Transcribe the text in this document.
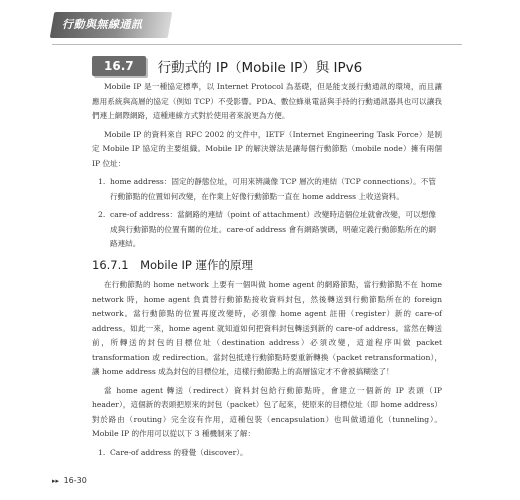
行動與無線通訊
16.7	行動式的 IP（Mobile IP）與 IPv6

Mobile IP 是一種協定標準，以 Internet Protocol 為基礎，但是能支援行動通訊的環境，而且讓應用系統與高層的協定（例如 TCP）不受影響。PDA、數位蜂巢電話與手持的行動通訊器具也可以讓我們連上網際網路，這種連線方式對於使用者來說更為方便。

Mobile IP 的資料來自 RFC 2002 的文件中，IETF（Internet Engineering Task Force）是制定 Mobile IP 協定的主要組織。Mobile IP 的解決辦法是讓每個行動節點（mobile node）擁有兩個 IP 位址：

1. home address：固定的靜態位址，可用來辨識像 TCP 層次的連結（TCP connections）。不管行動節點的位置如何改變，在作業上好像行動節點一直在 home address 上收送資料。
2. care-of address：當網路的連結（point of attachment）改變時這個位址就會改變，可以想像成與行動節點的位置有關的位址。care-of address 會有網路號碼，明確定義行動節點所在的網路連結。
16.7.1　Mobile IP 運作的原理

在行動節點的 home network 上要有一個叫做 home agent 的網路節點，當行動節點不在 home network 時，home agent 負責替行動節點接收資料封包，然後轉送到行動節點所在的 foreign network。當行動節點的位置再度改變時，必須像 home agent 註冊（register）新的 care-of address。如此一來，home agent 就知道如何把資料封包轉送到新的 care-of address。當然在轉送前，所轉送的封包的目標位址（destination address）必須改變，這道程序叫做 packet transformation 或 redirection。當封包抵達行動節點時要重新轉換（packet retransformation），讓 home address 成為封包的目標位址，這樣行動節點上的高層協定才不會被搞糊塗了！

當 home agent 轉送（redirect）資料封包給行動節點時，會建立一個新的 IP 表頭（IP header），這個新的表頭把原來的封包（packet）包了起來，使原來的目標位址（即 home address）對於路由（routing）完全沒有作用，這種包裝（encapsulation）也叫做通道化（tunneling）。Mobile IP 的作用可以從以下 3 種機制來了解：

1. Care-of address 的發覺（discover）。
▸▸ 16-30
